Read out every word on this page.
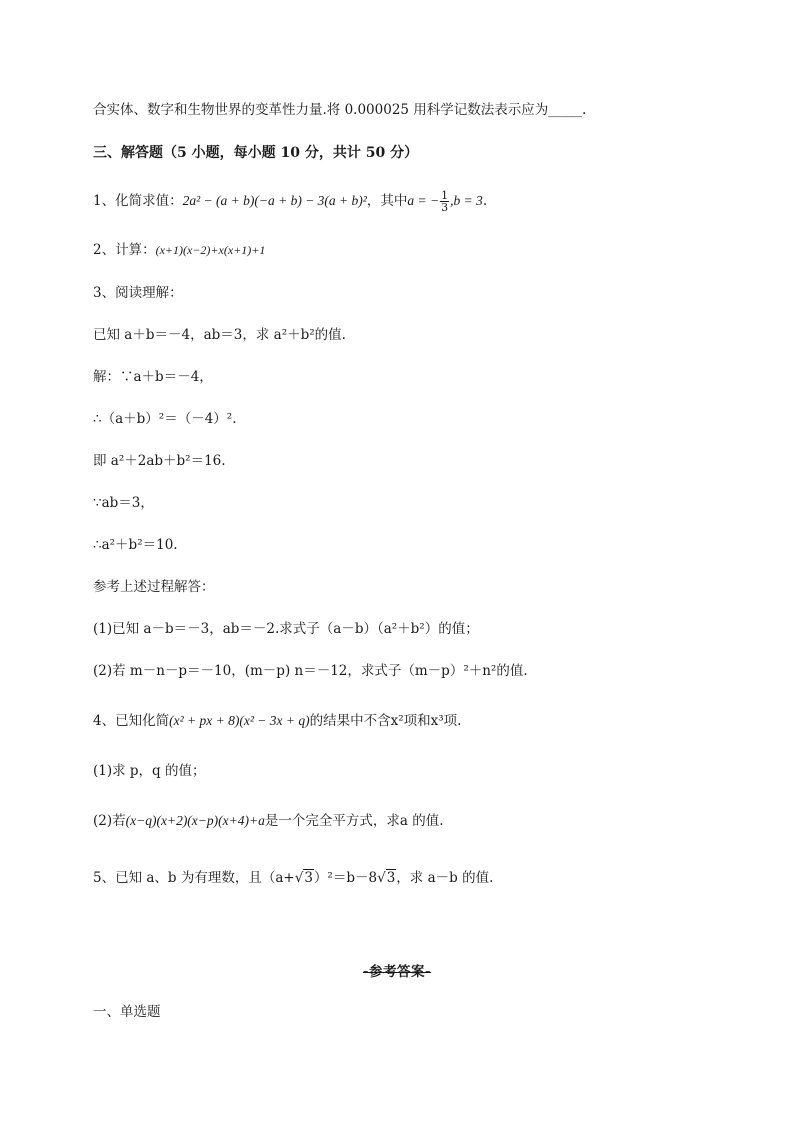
合实体、数字和生物世界的变革性力量.将 0.000025 用科学记数法表示应为_____.
三、解答题（5 小题，每小题 10 分，共计 50 分）
1、化简求值：2a² − (a + b)(−a + b) − 3(a + b)²，其中a = − $\frac{1}{3} ,b = 3$.
2、计算：(x+1)(x−2)+x(x+1)+1
3、阅读理解：
已知 a＋b＝－4，ab＝3，求 a²＋b²的值.
解：∵a＋b＝－4，
∴（a＋b）²＝（－4）².
即 a²＋2ab＋b²＝16.
∵ab＝3，
∴a²＋b²＝10.
参考上述过程解答：
(1)已知 a－b＝－3，ab＝－2.求式子（a－b）（a²＋b²）的值；
(2)若 m－n－p＝－10，(m－p) n＝－12，求式子（m－p）²＋n²的值.
4、已知化简(x² + px + 8)(x² − 3x + q)的结果中不含x²项和x³项.
(1)求 p，q 的值；
(2)若(x−q)(x+2)(x−p)(x+4)+a是一个完全平方式，求a 的值.
5、已知 a、b 为有理数，且（a+√3）²＝b－8√3，求 a－b 的值.
-参考答案-
一、单选题
